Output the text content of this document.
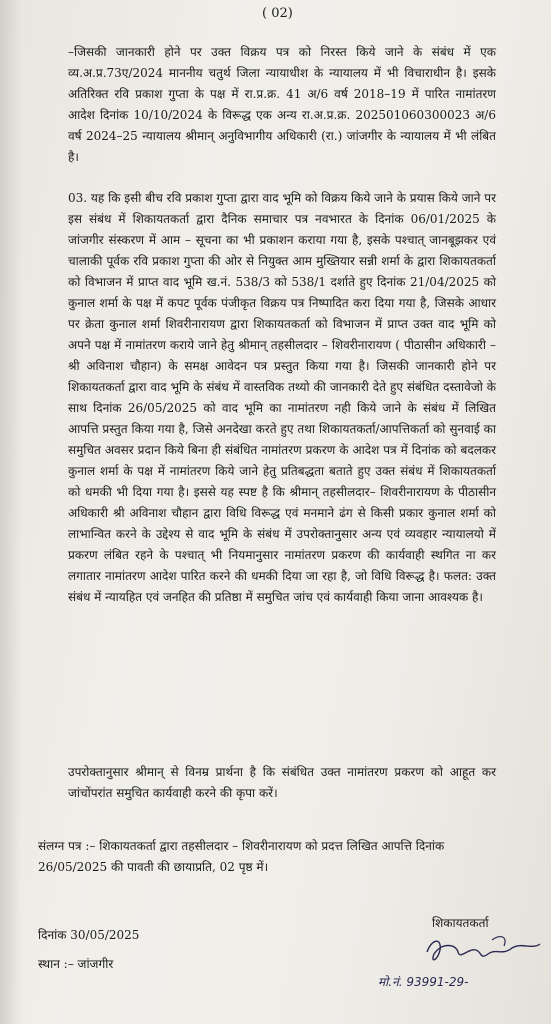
( 02)

–जिसकी जानकारी होने पर उक्त विक्रय पत्र को निरस्त किये जाने के संबंध में एक व्य.अ.प्र.73ए/2024 माननीय चतुर्थ जिला न्यायाधीश के न्यायालय में भी विचाराधीन है। इसके अतिरिक्त रवि प्रकाश गुप्ता के पक्ष में रा.प्र.क्र. 41 अ/6 वर्ष 2018–19 में पारित नामांतरण आदेश दिनांक 10/10/2024 के विरूद्ध एक अन्य रा.अ.प्र.क्र. 202501060300023 अ/6 वर्ष 2024–25 न्यायालय श्रीमान् अनुविभागीय अधिकारी (रा.) जांजगीर के न्यायालय में भी लंबित है।

03. यह कि इसी बीच रवि प्रकाश गुप्ता द्वारा वाद भूमि को विक्रय किये जाने के प्रयास किये जाने पर इस संबंध में शिकायतकर्ता द्वारा दैनिक समाचार पत्र नवभारत के दिनांक 06/01/2025 के जांजगीर संस्करण में आम – सूचना का भी प्रकाशन कराया गया है, इसके पश्चात् जानबूझकर एवं चालाकी पूर्वक रवि प्रकाश गुप्ता की ओर से नियुक्त आम मुख्तियार सन्नी शर्मा के द्वारा शिकायतकर्ता को विभाजन में प्राप्त वाद भूमि ख.नं. 538/3 को 538/1 दर्शाते हुए दिनांक 21/04/2025 को कुनाल शर्मा के पक्ष में कपट पूर्वक पंजीकृत विक्रय पत्र निष्पादित करा दिया गया है, जिसके आधार पर क्रेता कुनाल शर्मा शिवरीनारायण द्वारा शिकायतकर्ता को विभाजन में प्राप्त उक्त वाद भूमि को अपने पक्ष में नामांतरण कराये जाने हेतु श्रीमान् तहसीलदार – शिवरीनारायण ( पीठासीन अधिकारी – श्री अविनाश चौहान) के समक्ष आवेदन पत्र प्रस्तुत किया गया है। जिसकी जानकारी होने पर शिकायतकर्ता द्वारा वाद भूमि के संबंध में वास्तविक तथ्यो की जानकारी देते हुए संबंधित दस्तावेजो के साथ दिनांक 26/05/2025 को वाद भूमि का नामांतरण नही किये जाने के संबंध में लिखित आपत्ति प्रस्तुत किया गया है, जिसे अनदेखा करते हुए तथा शिकायतकर्ता/आपत्तिकर्ता को सुनवाई का समुचित अवसर प्रदान किये बिना ही संबंधित नामांतरण प्रकरण के आदेश पत्र में दिनांक को बदलकर कुनाल शर्मा के पक्ष में नामांतरण किये जाने हेतु प्रतिबद्धता बताते हुए उक्त संबंध में शिकायतकर्ता को धमकी भी दिया गया है। इससे यह स्पष्ट है कि श्रीमान् तहसीलदार– शिवरीनारायण के पीठासीन अधिकारी श्री अविनाश चौहान द्वारा विधि विरूद्ध एवं मनमाने ढंग से किसी प्रकार कुनाल शर्मा को लाभान्वित करने के उद्देश्य से वाद भूमि के संबंध में उपरोक्तानुसार अन्य एवं व्यवहार न्यायालयो में प्रकरण लंबित रहने के पश्चात् भी नियमानुसार नामांतरण प्रकरण की कार्यवाही स्थगित ना कर लगातार नामांतरण आदेश पारित करने की धमकी दिया जा रहा है, जो विधि विरूद्ध है। फलत: उक्त संबंध में न्यायहित एवं जनहित की प्रतिष्ठा में समुचित जांच एवं कार्यवाही किया जाना आवश्यक है।

उपरोक्तानुसार श्रीमान् से विनम्र प्रार्थना है कि संबंधित उक्त नामांतरण प्रकरण को आहूत कर जांचोंपरांत समुचित कार्यवाही करने की कृपा करें।

संलग्न पत्र :– शिकायतकर्ता द्वारा तहसीलदार – शिवरीनारायण को प्रदत्त लिखित आपत्ति दिनांक 26/05/2025 की पावती की छायाप्रति, 02 पृष्ठ में।

दिनांक 30/05/2025
स्थान :– जांजगीर
शिकायतकर्ता
मो.नं. 93991-29-
